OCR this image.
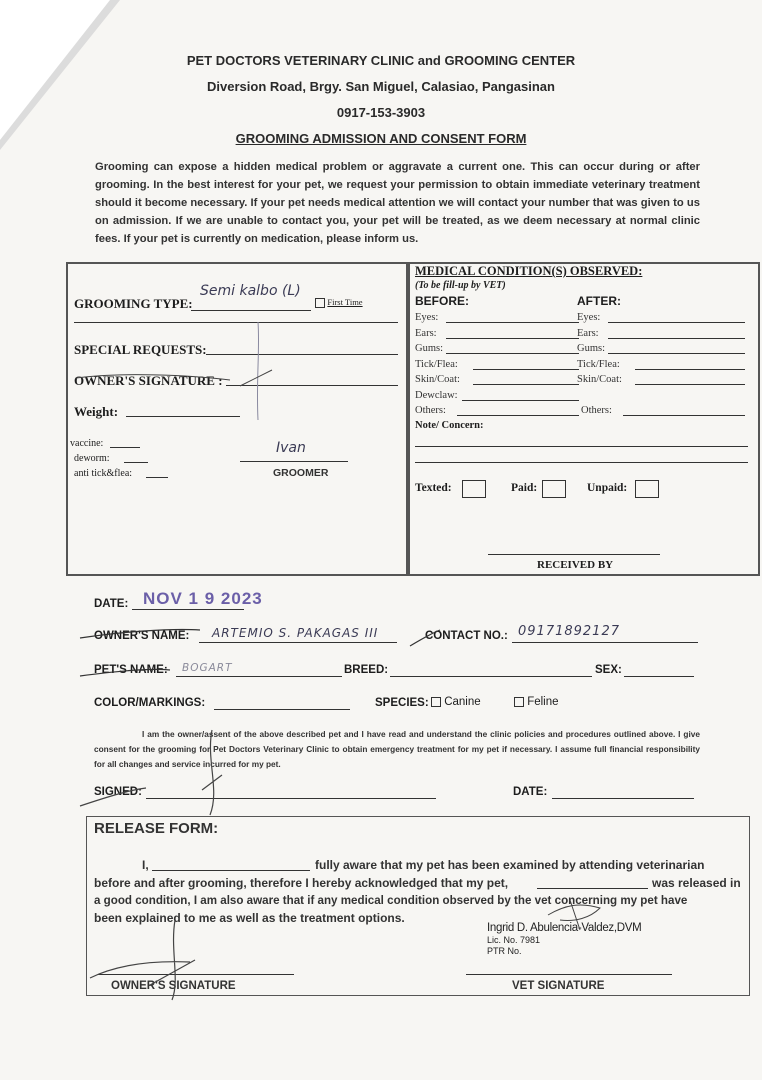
PET DOCTORS VETERINARY CLINIC and GROOMING CENTER
Diversion Road, Brgy. San Miguel, Calasiao, Pangasinan
0917-153-3903
GROOMING ADMISSION AND CONSENT FORM
Grooming can expose a hidden medical problem or aggravate a current one. This can occur during or after grooming. In the best interest for your pet, we request your permission to obtain immediate veterinary treatment should it become necessary. If your pet needs medical attention we will contact your number that was given to us on admission. If we are unable to contact you, your pet will be treated, as we deem necessary at normal clinic fees. If your pet is currently on medication, please inform us.
GROOMING TYPE:
Semi kalbo (L)
First Time
SPECIAL REQUESTS:
OWNER'S SIGNATURE :
Weight:
vaccine:
deworm:
anti tick&flea:
Ivan
GROOMER
MEDICAL CONDITION(S) OBSERVED:
(To be fill-up by VET)
BEFORE:	AFTER:
Eyes:	Eyes:
Ears:	Ears:
Gums:	Gums:
Tick/Flea:	Tick/Flea:
Skin/Coat:	Skin/Coat:
Dewclaw:
Others:	Others:
Note/ Concern:
Texted:	Paid:	Unpaid:
RECEIVED BY
DATE: NOV 1 9 2023
OWNER'S NAME: ARTEMIO S. PAKAGAS III	CONTACT NO.: 09171892127
PET'S NAME: BOGART	BREED:	SEX:
COLOR/MARKINGS:	SPECIES:	Canine	Feline
I am the owner/assent of the above described pet and I have read and understand the clinic policies and procedures outlined above. I give consent for the grooming for Pet Doctors Veterinary Clinic to obtain emergency treatment for my pet if necessary. I assume full financial responsibility for all changes and service incurred for my pet.
SIGNED:	DATE:
RELEASE FORM:
I,	fully aware that my pet has been examined by attending veterinarian
before and after grooming, therefore I hereby acknowledged that my pet,	was released in
a good condition, I am also aware that if any medical condition observed by the vet concerning my pet have
been explained to me as well as the treatment options.
Ingrid D. Abulencia-Valdez,DVM
Lic. No. 7981
PTR No.
OWNER'S SIGNATURE	VET SIGNATURE
